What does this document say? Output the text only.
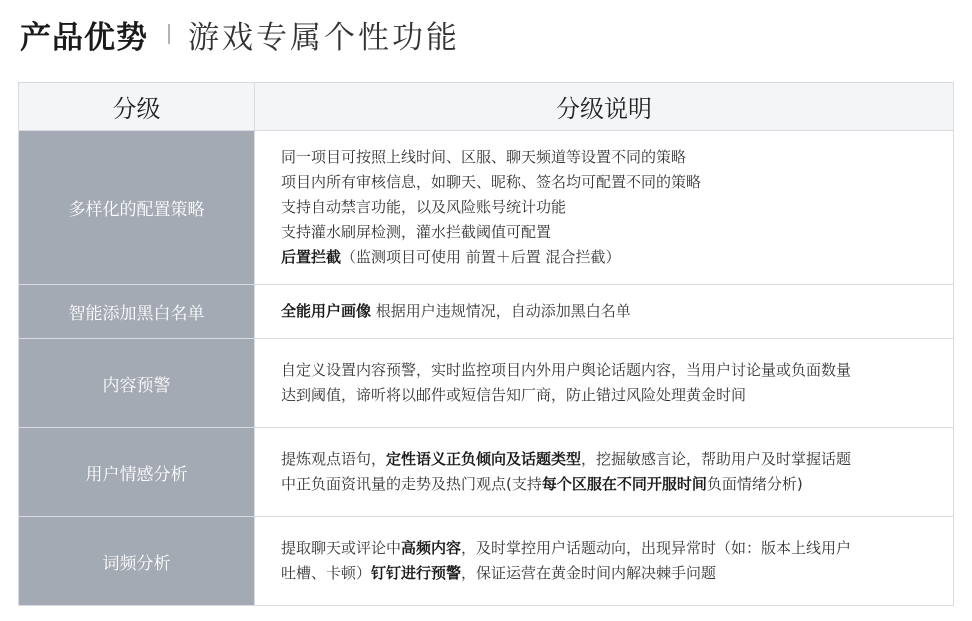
产品优势 游戏专属个性功能
分级	分级说明
多样化的配置策略	同一项目可按照上线时间、区服、聊天频道等设置不同的策略
项目内所有审核信息，如聊天、昵称、签名均可配置不同的策略
支持自动禁言功能，以及风险账号统计功能
支持灌水刷屏检测，灌水拦截阈值可配置
后置拦截（监测项目可使用 前置＋后置 混合拦截）

智能添加黑白名单	全能用户画像 根据用户违规情况，自动添加黑白名单

内容预警	自定义设置内容预警，实时监控项目内外用户舆论话题内容，当用户讨论量或负面数量
达到阈值，谛听将以邮件或短信告知厂商，防止错过风险处理黄金时间

用户情感分析	提炼观点语句，定性语义正负倾向及话题类型，挖掘敏感言论，帮助用户及时掌握话题
中正负面资讯量的走势及热门观点(支持每个区服在不同开服时间负面情绪分析)

词频分析	提取聊天或评论中高频内容，及时掌控用户话题动向，出现异常时（如：版本上线用户
吐槽、卡顿）钉钉进行预警，保证运营在黄金时间内解决棘手问题
